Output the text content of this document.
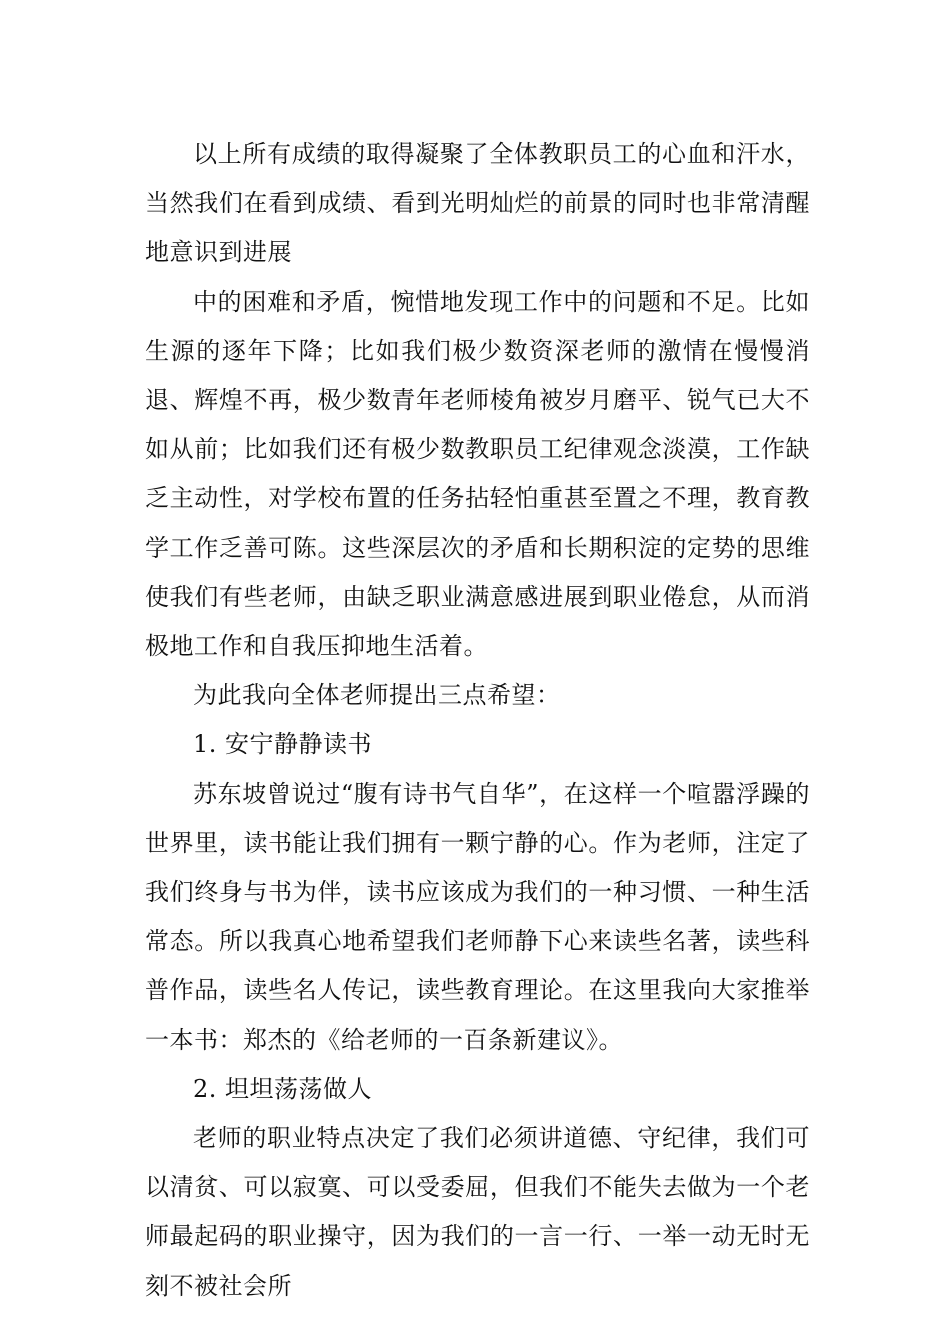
以上所有成绩的取得凝聚了全体教职员工的心血和汗水，当然我们在看到成绩、看到光明灿烂的前景的同时也非常清醒地意识到进展

中的困难和矛盾，惋惜地发现工作中的问题和不足。比如生源的逐年下降；比如我们极少数资深老师的激情在慢慢消退、辉煌不再，极少数青年老师棱角被岁月磨平、锐气已大不如从前；比如我们还有极少数教职员工纪律观念淡漠，工作缺乏主动性，对学校布置的任务拈轻怕重甚至置之不理，教育教学工作乏善可陈。这些深层次的矛盾和长期积淀的定势的思维使我们有些老师，由缺乏职业满意感进展到职业倦怠，从而消极地工作和自我压抑地生活着。

为此我向全体老师提出三点希望：

1. 安宁静静读书

苏东坡曾说过“腹有诗书气自华”，在这样一个喧嚣浮躁的世界里，读书能让我们拥有一颗宁静的心。作为老师，注定了我们终身与书为伴，读书应该成为我们的一种习惯、一种生活常态。所以我真心地希望我们老师静下心来读些名著，读些科普作品，读些名人传记，读些教育理论。在这里我向大家推举一本书：郑杰的《给老师的一百条新建议》。

2. 坦坦荡荡做人

老师的职业特点决定了我们必须讲道德、守纪律，我们可以清贫、可以寂寞、可以受委屈，但我们不能失去做为一个老师最起码的职业操守，因为我们的一言一行、一举一动无时无刻不被社会所
